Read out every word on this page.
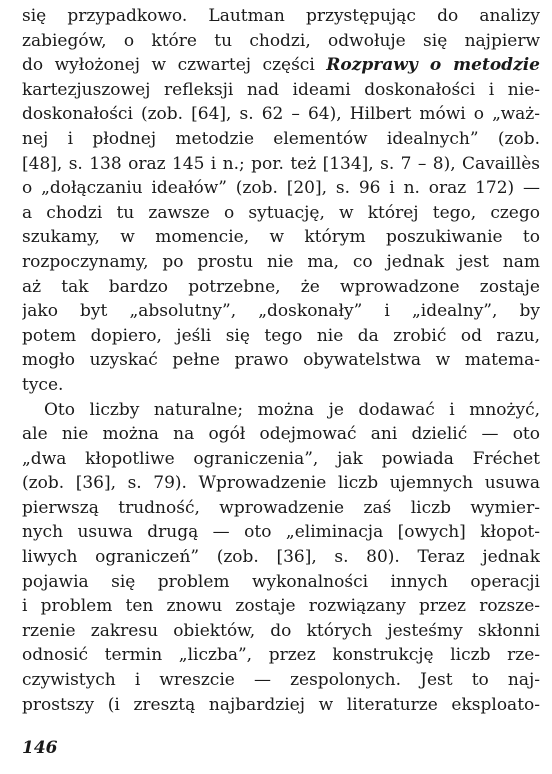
się przypadkowo. Lautman przystępując do analizy
zabiegów, o które tu chodzi, odwołuje się najpierw
do wyłożonej w czwartej części Rozprawy o metodzie
kartezjuszowej refleksji nad ideami doskonałości i nie-
doskonałości (zob. [64], s. 62 – 64), Hilbert mówi o „waż-
nej i płodnej metodzie elementów idealnych” (zob.
[48], s. 138 oraz 145 i n.; por. też [134], s. 7 – 8), Cavaillès
o „dołączaniu ideałów” (zob. [20], s. 96 i n. oraz 172) —
a chodzi tu zawsze o sytuację, w której tego, czego
szukamy, w momencie, w którym poszukiwanie to
rozpoczynamy, po prostu nie ma, co jednak jest nam
aż tak bardzo potrzebne, że wprowadzone zostaje
jako byt „absolutny”, „doskonały” i „idealny”, by
potem dopiero, jeśli się tego nie da zrobić od razu,
mogło uzyskać pełne prawo obywatelstwa w matema-
tyce.
Oto liczby naturalne; można je dodawać i mnożyć,
ale nie można na ogół odejmować ani dzielić — oto
„dwa kłopotliwe ograniczenia”, jak powiada Fréchet
(zob. [36], s. 79). Wprowadzenie liczb ujemnych usuwa
pierwszą trudność, wprowadzenie zaś liczb wymier-
nych usuwa drugą — oto „eliminacja [owych] kłopot-
liwych ograniczeń” (zob. [36], s. 80). Teraz jednak
pojawia się problem wykonalności innych operacji
i problem ten znowu zostaje rozwiązany przez rozsze-
rzenie zakresu obiektów, do których jesteśmy skłonni
odnosić termin „liczba”, przez konstrukcję liczb rze-
czywistych i wreszcie — zespolonych. Jest to naj-
prostszy (i zresztą najbardziej w literaturze eksploato-
146
